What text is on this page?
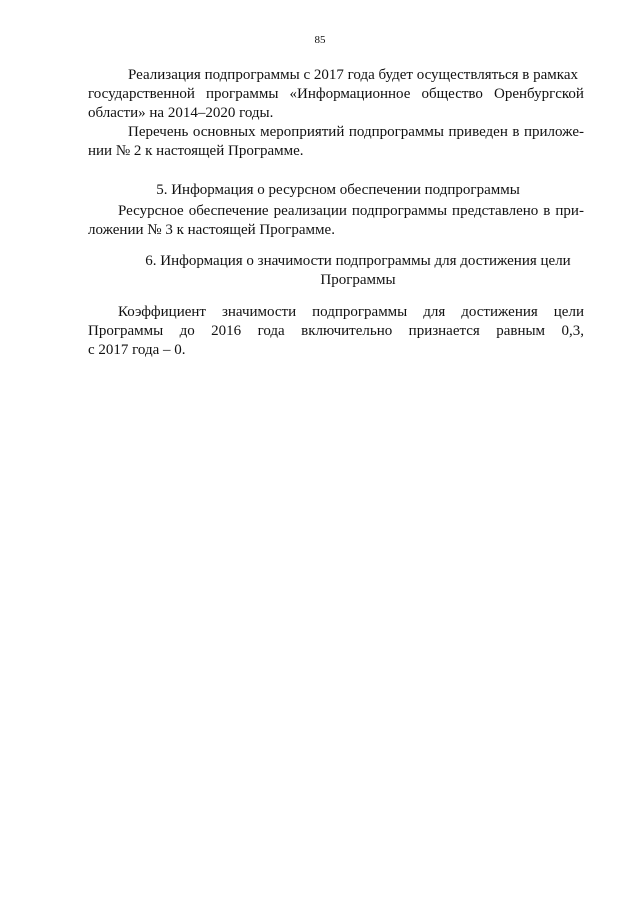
85
Реализация подпрограммы с 2017 года будет осуществляться в рамках
государственной программы «Информационное общество Оренбургской
области» на 2014–2020 годы.
Перечень основных мероприятий подпрограммы приведен в приложе-
нии № 2 к настоящей Программе.
5. Информация о ресурсном обеспечении подпрограммы
Ресурсное обеспечение реализации подпрограммы представлено в при-
ложении № 3 к настоящей Программе.
6. Информация о значимости подпрограммы для достижения цели
Программы
Коэффициент значимости подпрограммы для достижения цели
Программы до 2016 года включительно признается равным 0,3,
с 2017 года – 0.
